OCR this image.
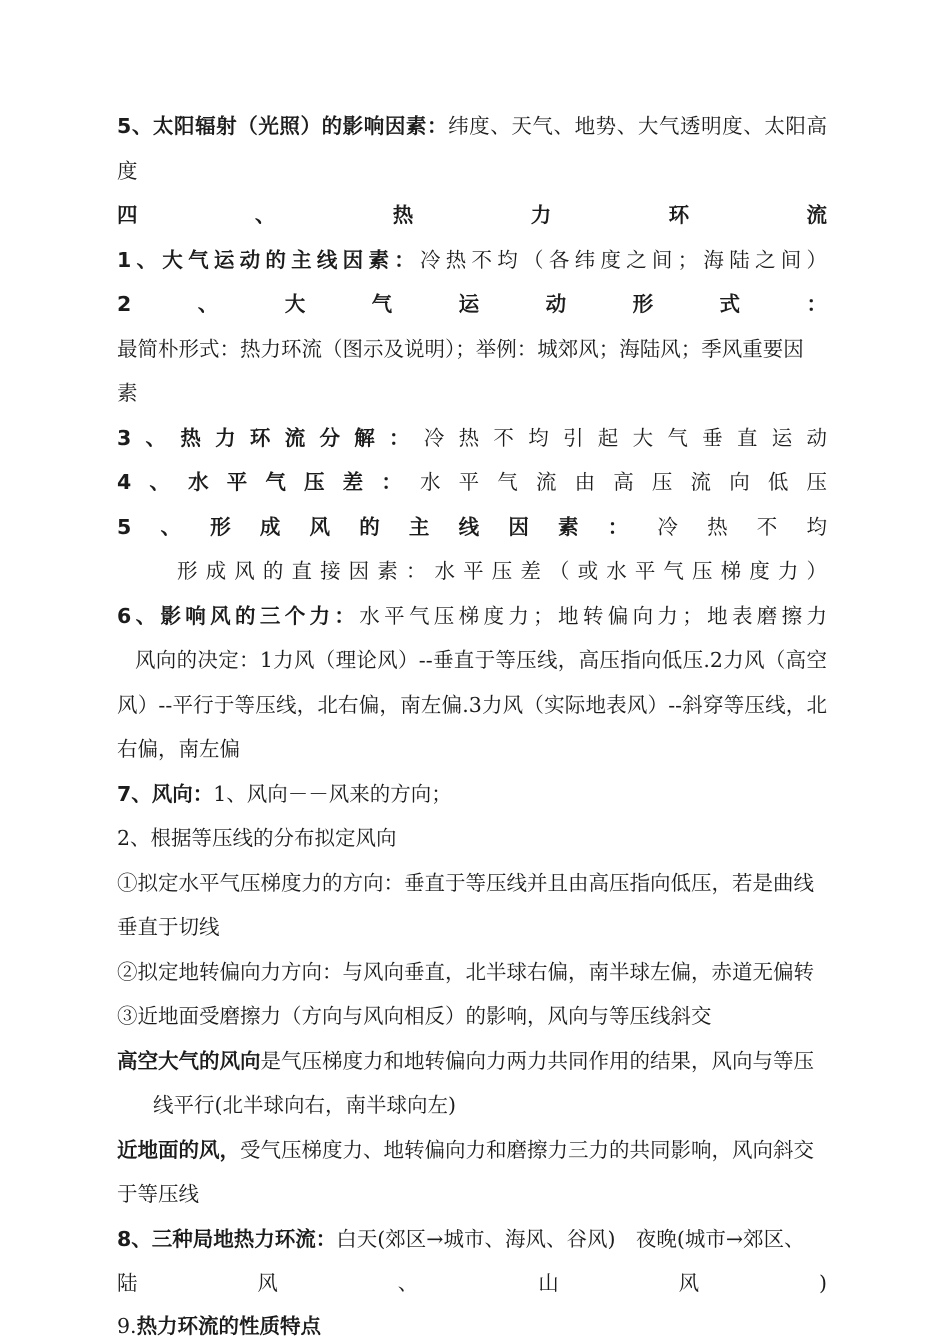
5、太阳辐射（光照）的影响因素：纬度、天气、地势、大气透明度、太阳高度
四、热力环流
1、大气运动的主线因素：冷热不均（各纬度之间；海陆之间）
2、大气运动形式：
最简朴形式：热力环流（图示及说明）；举例：城郊风；海陆风；季风重要因
素
3、热力环流分解：冷热不均引起大气垂直运动
4、水平气压差：水平气流由高压流向低压
5、形成风的主线因素：冷热不均
形成风的直接因素：水平压差（或水平气压梯度力）
6、影响风的三个力：水平气压梯度力；地转偏向力；地表磨擦力
风向的决定：1力风（理论风）--垂直于等压线，高压指向低压.2力风（高空风）--平行于等压线，北右偏，南左偏.3力风（实际地表风）--斜穿等压线，北右偏，南左偏
7、风向：1、风向－－风来的方向；
2、根据等压线的分布拟定风向
①拟定水平气压梯度力的方向：垂直于等压线并且由高压指向低压，若是曲线
垂直于切线
②拟定地转偏向力方向：与风向垂直，北半球右偏，南半球左偏，赤道无偏转
③近地面受磨擦力（方向与风向相反）的影响，风向与等压线斜交
高空大气的风向是气压梯度力和地转偏向力两力共同作用的结果，风向与等压
线平行(北半球向右，南半球向左)
近地面的风，受气压梯度力、地转偏向力和磨擦力三力的共同影响，风向斜交
于等压线
8、三种局地热力环流：白天(郊区→城市、海风、谷风)　夜晚(城市→郊区、
陆风、山风)
9.热力环流的性质特点
